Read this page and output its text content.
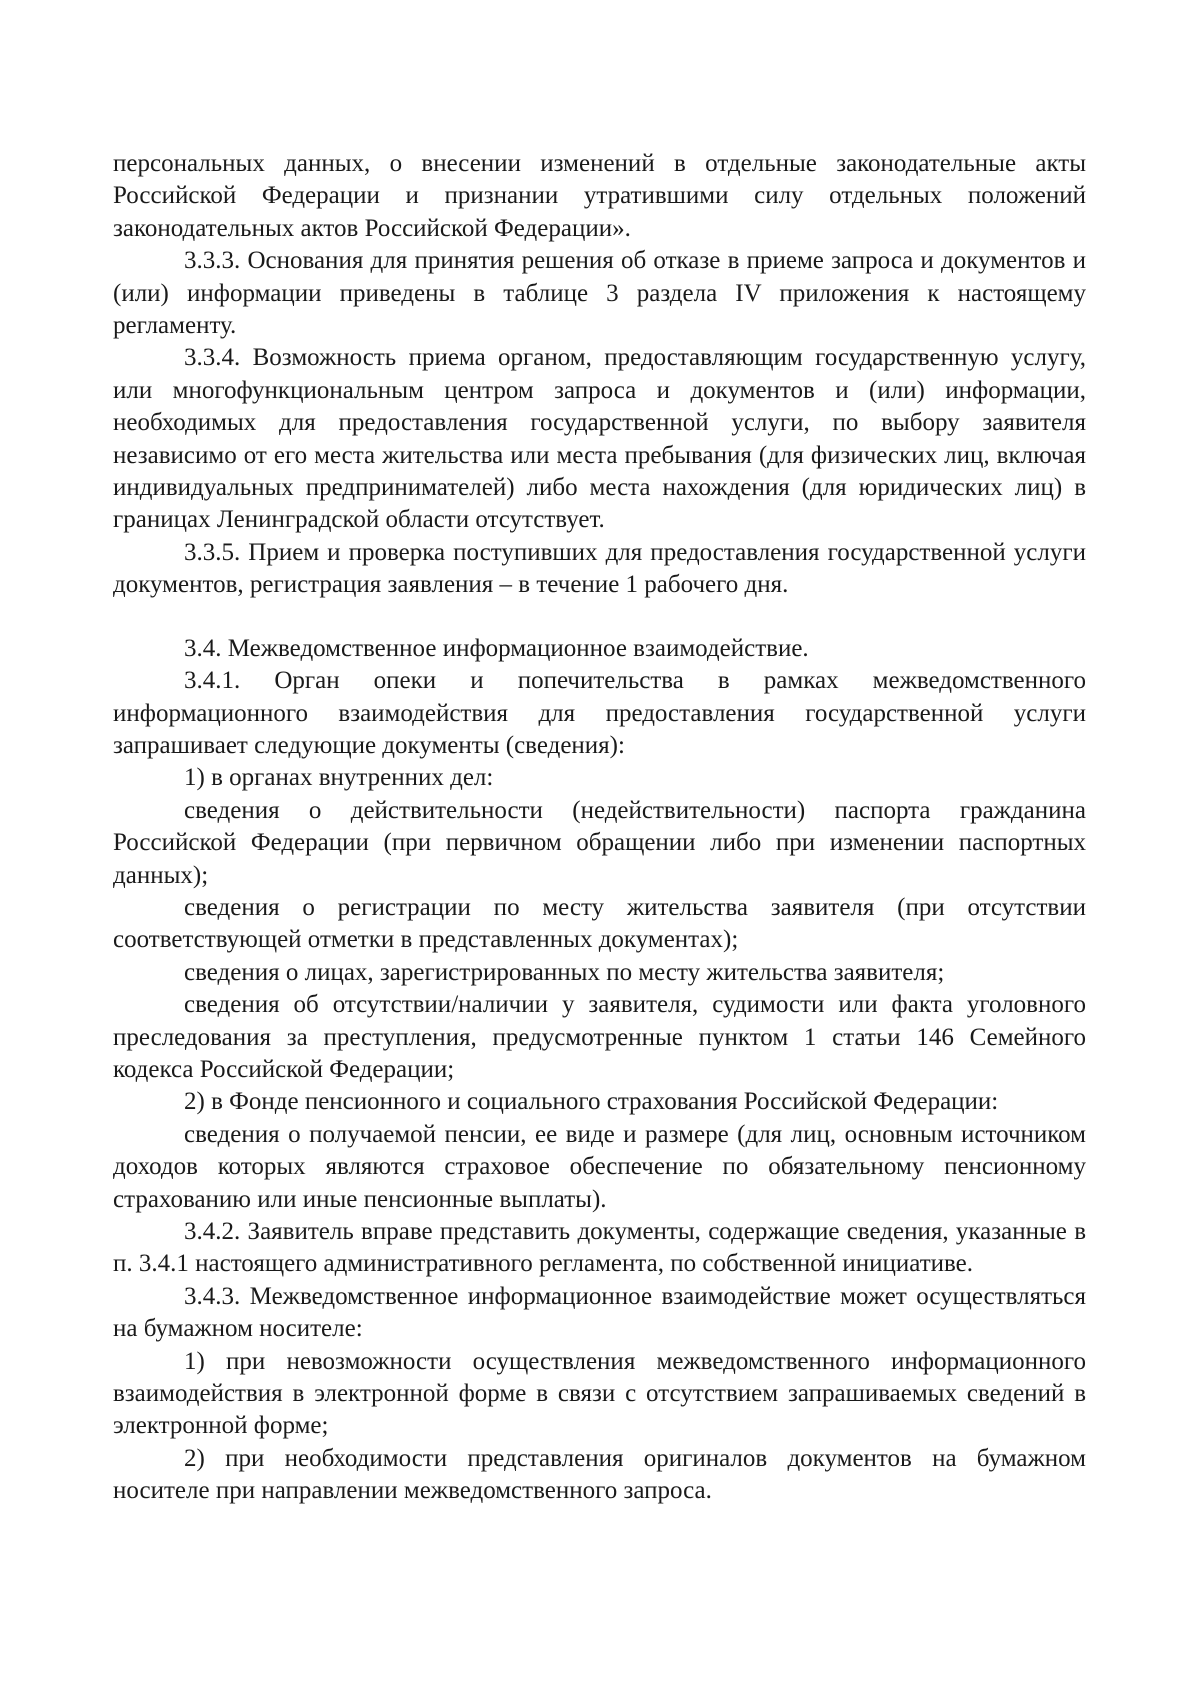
персональных данных, о внесении изменений в отдельные законодательные акты Российской Федерации и признании утратившими силу отдельных положений законодательных актов Российской Федерации».

3.3.3. Основания для принятия решения об отказе в приеме запроса и документов и (или) информации приведены в таблице 3 раздела IV приложения к настоящему регламенту.

3.3.4. Возможность приема органом, предоставляющим государственную услугу, или многофункциональным центром запроса и документов и (или) информации, необходимых для предоставления государственной услуги, по выбору заявителя независимо от его места жительства или места пребывания (для физических лиц, включая индивидуальных предпринимателей) либо места нахождения (для юридических лиц) в границах Ленинградской области отсутствует.

3.3.5. Прием и проверка поступивших для предоставления государственной услуги документов, регистрация заявления – в течение 1 рабочего дня.

3.4. Межведомственное информационное взаимодействие.

3.4.1. Орган опеки и попечительства в рамках межведомственного информационного взаимодействия для предоставления государственной услуги запрашивает следующие документы (сведения):

1) в органах внутренних дел:

сведения о действительности (недействительности) паспорта гражданина Российской Федерации (при первичном обращении либо при изменении паспортных данных);

сведения о регистрации по месту жительства заявителя (при отсутствии соответствующей отметки в представленных документах);

сведения о лицах, зарегистрированных по месту жительства заявителя;

сведения об отсутствии/наличии у заявителя, судимости или факта уголовного преследования за преступления, предусмотренные пунктом 1 статьи 146 Семейного кодекса Российской Федерации;

2) в Фонде пенсионного и социального страхования Российской Федерации:

сведения о получаемой пенсии, ее виде и размере (для лиц, основным источником доходов которых являются страховое обеспечение по обязательному пенсионному страхованию или иные пенсионные выплаты).

3.4.2. Заявитель вправе представить документы, содержащие сведения, указанные в п. 3.4.1 настоящего административного регламента, по собственной инициативе.

3.4.3. Межведомственное информационное взаимодействие может осуществляться на бумажном носителе:

1) при невозможности осуществления межведомственного информационного взаимодействия в электронной форме в связи с отсутствием запрашиваемых сведений в электронной форме;

2) при необходимости представления оригиналов документов на бумажном носителе при направлении межведомственного запроса.
